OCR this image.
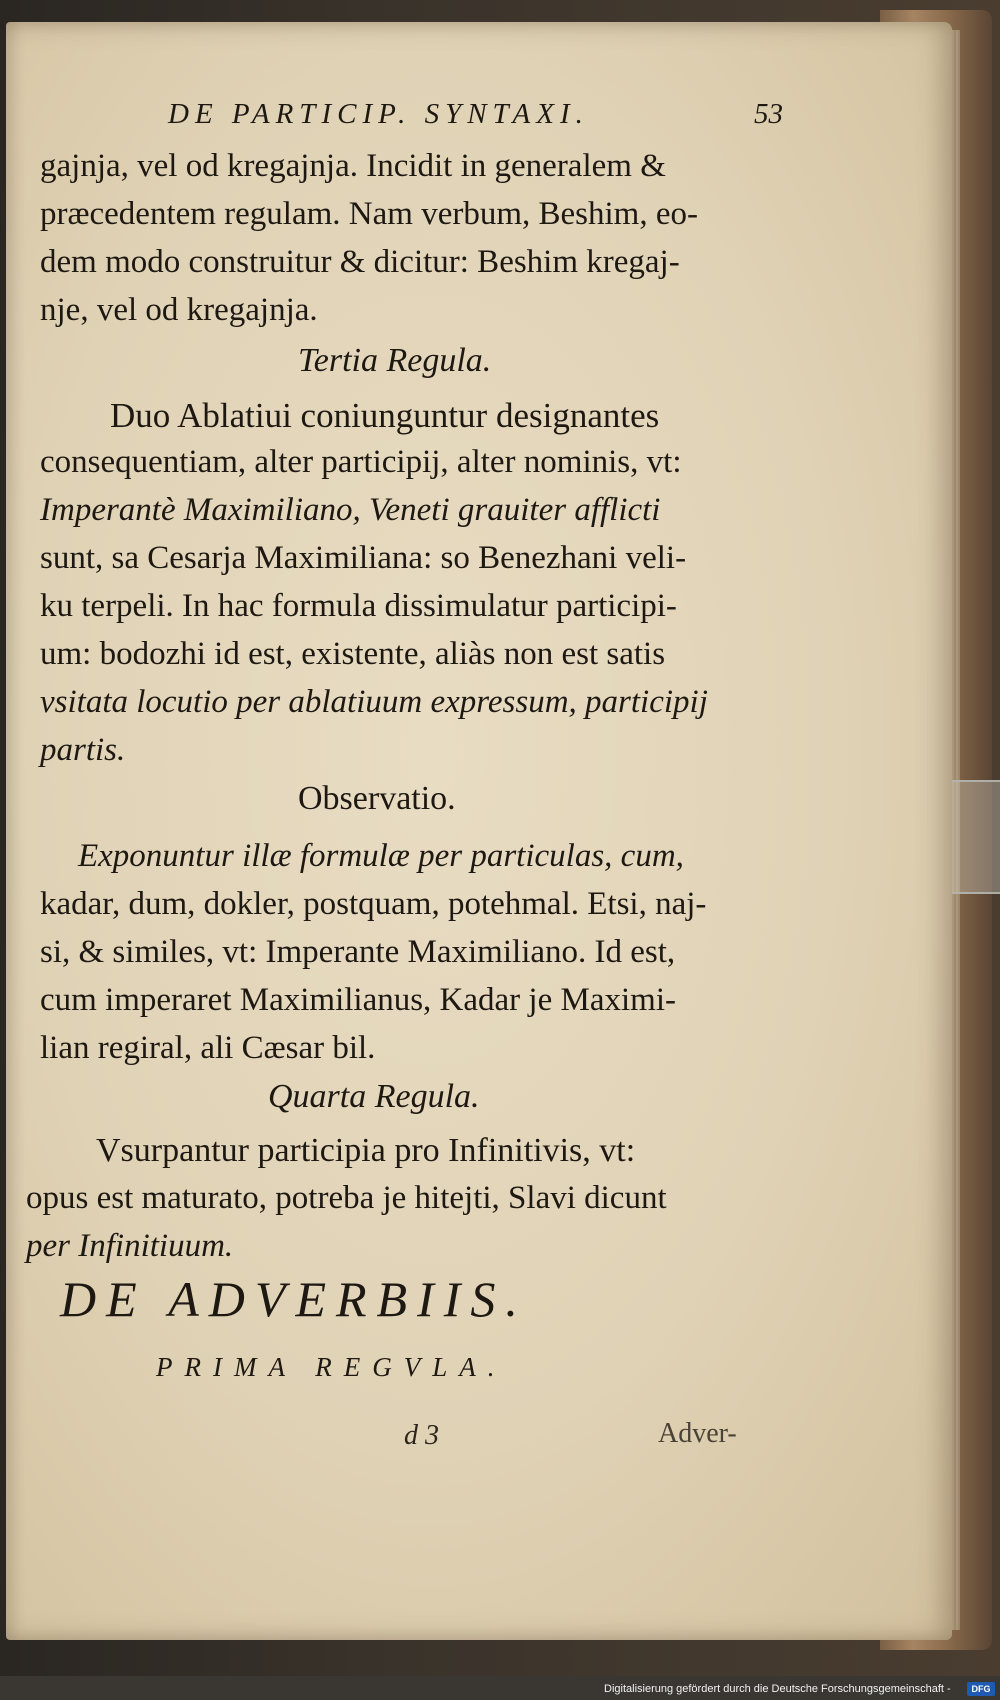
DE PARTICIP. SYNTAXI.	53
gajnja, vel od kregajnja. Incidit in generalem &
præcedentem regulam. Nam verbum, Beshim, eo-
dem modo construitur & dicitur: Beshim kregaj-
nje, vel od kregajnja.
Tertia Regula.
Duo Ablatiui coniunguntur designantes
consequentiam, alter participij, alter nominis, vt:
Imperantè Maximiliano, Veneti grauiter afflicti
sunt, sa Cesarja Maximiliana: so Benezhani veli-
ku terpeli. In hac formula dissimulatur participi-
um: bodozhi id est, existente, aliàs non est satis
vsitata locutio per ablatiuum expressum, participij
partis.
Observatio.
Exponuntur illæ formulæ per particulas, cum,
kadar, dum, dokler, postquam, potehmal. Etsi, naj-
si, & similes, vt: Imperante Maximiliano. Id est,
cum imperaret Maximilianus, Kadar je Maximi-
lian regiral, ali Cæsar bil.
Quarta Regula.
Vsurpantur participia pro Infinitivis, vt:
opus est maturato, potreba je hitejti, Slavi dicunt
per Infinitiuum.
DE ADVERBIIS.
PRIMA REGVLA.
d 3	Adver-
Digitalisierung gefördert durch die Deutsche Forschungsgemeinschaft -	DFG
